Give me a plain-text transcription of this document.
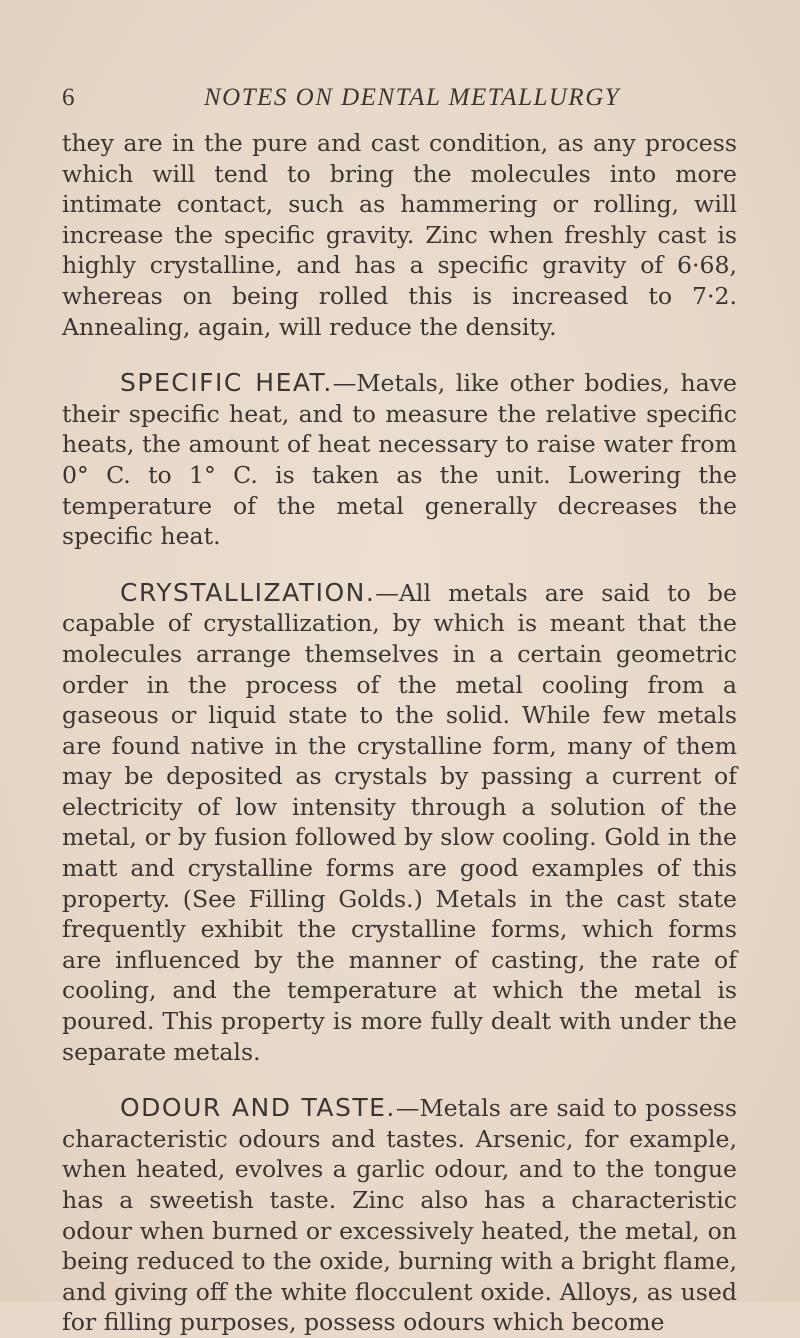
6	NOTES ON DENTAL METALLURGY

they are in the pure and cast condition, as any process which will tend to bring the molecules into more intimate contact, such as hammering or rolling, will increase the specific gravity. Zinc when freshly cast is highly crystalline, and has a specific gravity of 6·68, whereas on being rolled this is increased to 7·2. Annealing, again, will reduce the density.

SPECIFIC HEAT.—Metals, like other bodies, have their specific heat, and to measure the relative specific heats, the amount of heat necessary to raise water from 0° C. to 1° C. is taken as the unit. Lowering the temperature of the metal generally decreases the specific heat.

CRYSTALLIZATION.—All metals are said to be capable of crystallization, by which is meant that the molecules arrange themselves in a certain geometric order in the process of the metal cooling from a gaseous or liquid state to the solid. While few metals are found native in the crystalline form, many of them may be deposited as crystals by passing a current of electricity of low intensity through a solution of the metal, or by fusion followed by slow cooling. Gold in the matt and crystalline forms are good examples of this property. (See Filling Golds.) Metals in the cast state frequently exhibit the crystalline forms, which forms are influenced by the manner of casting, the rate of cooling, and the temperature at which the metal is poured. This property is more fully dealt with under the separate metals.

ODOUR AND TASTE.—Metals are said to possess characteristic odours and tastes. Arsenic, for example, when heated, evolves a garlic odour, and to the tongue has a sweetish taste. Zinc also has a characteristic odour when burned or excessively heated, the metal, on being reduced to the oxide, burning with a bright flame, and giving off the white flocculent oxide. Alloys, as used for filling purposes, possess odours which become
